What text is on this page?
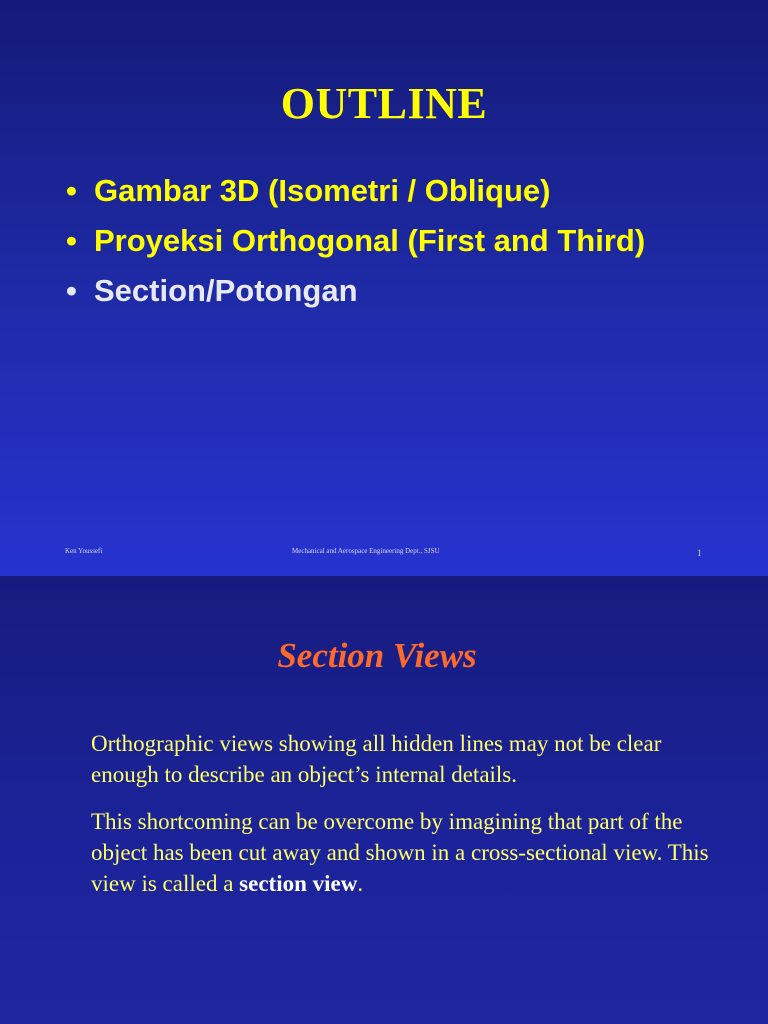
OUTLINE
• Gambar 3D (Isometri / Oblique)
• Proyeksi Orthogonal (First and Third)
• Section/Potongan
Ken Youssefi	Mechanical and Aerospace Engineering Dept., SJSU	1
Section Views

Orthographic views showing all hidden lines may not be clear enough to describe an object’s internal details.

This shortcoming can be overcome by imagining that part of the object has been cut away and shown in a cross-sectional view. This view is called a section view.
